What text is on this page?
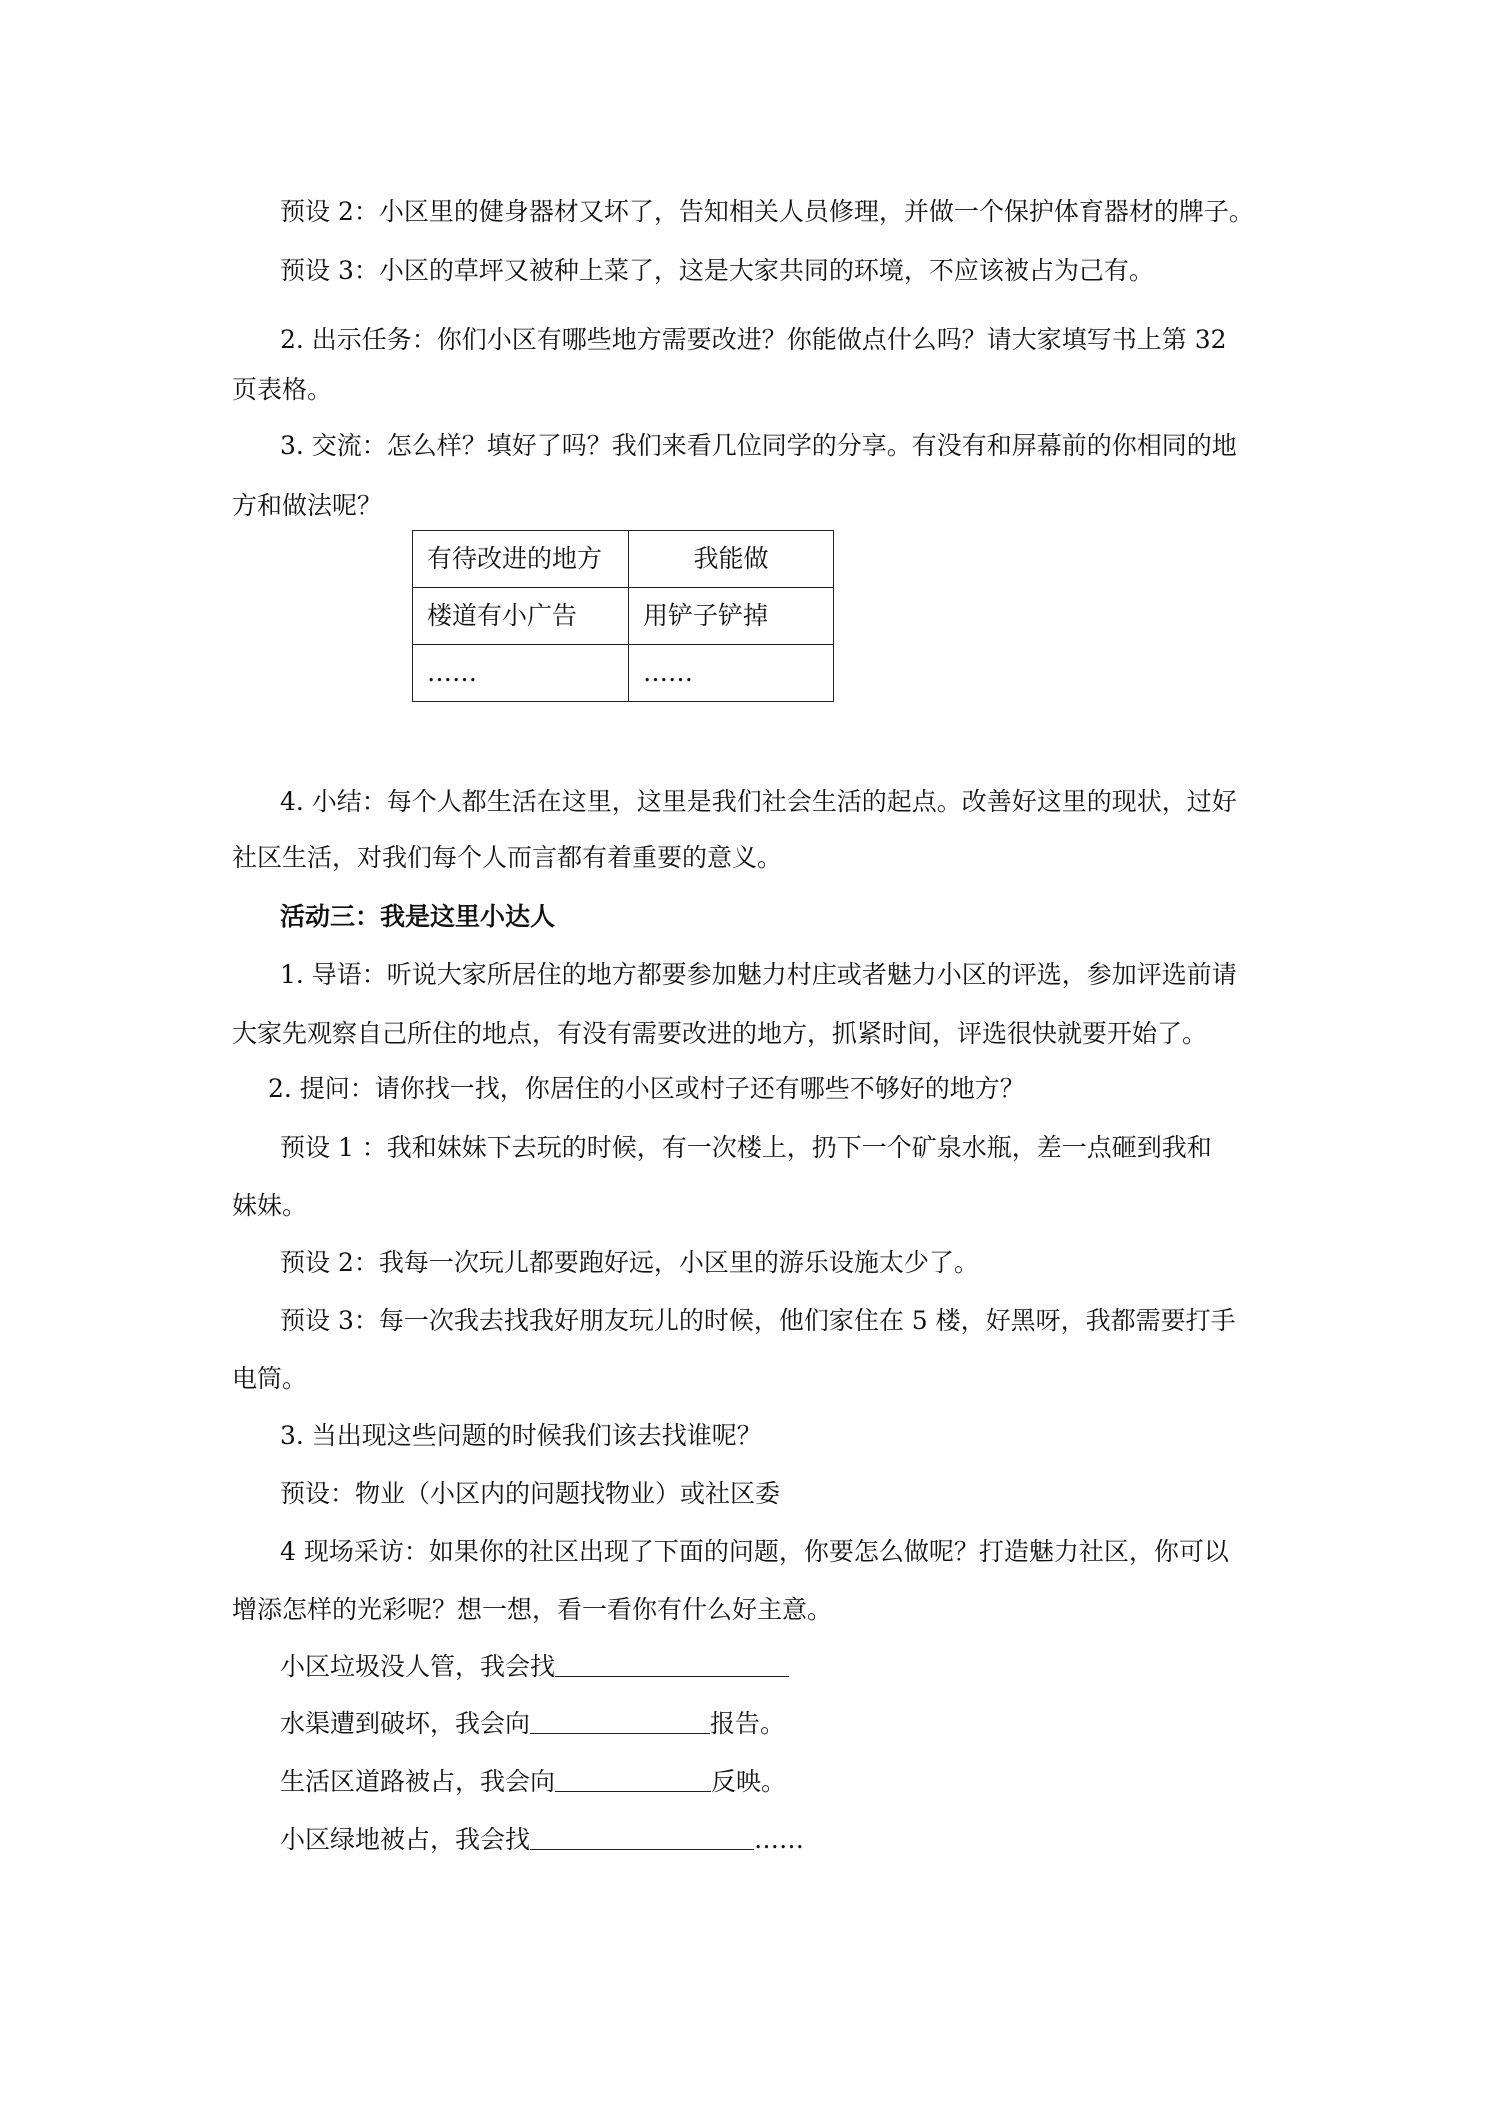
预设 2：小区里的健身器材又坏了，告知相关人员修理，并做一个保护体育器材的牌子。
预设 3：小区的草坪又被种上菜了，这是大家共同的环境，不应该被占为己有。
2. 出示任务：你们小区有哪些地方需要改进？你能做点什么吗？请大家填写书上第 32
页表格。
3. 交流：怎么样？填好了吗？我们来看几位同学的分享。有没有和屏幕前的你相同的地
方和做法呢？
有待改进的地方	我能做
楼道有小广告	用铲子铲掉
……	……
4. 小结：每个人都生活在这里，这里是我们社会生活的起点。改善好这里的现状，过好
社区生活，对我们每个人而言都有着重要的意义。
活动三：我是这里小达人
1. 导语：听说大家所居住的地方都要参加魅力村庄或者魅力小区的评选，参加评选前请
大家先观察自己所住的地点，有没有需要改进的地方，抓紧时间，评选很快就要开始了。
2. 提问：请你找一找，你居住的小区或村子还有哪些不够好的地方？
预设 1 ：我和妹妹下去玩的时候，有一次楼上，扔下一个矿泉水瓶，差一点砸到我和
妹妹。
预设 2：我每一次玩儿都要跑好远，小区里的游乐设施太少了。
预设 3：每一次我去找我好朋友玩儿的时候，他们家住在 5 楼，好黑呀，我都需要打手
电筒。
3. 当出现这些问题的时候我们该去找谁呢？
预设：物业（小区内的问题找物业）或社区委
4 现场采访：如果你的社区出现了下面的问题，你要怎么做呢？打造魅力社区，你可以
增添怎样的光彩呢？想一想，看一看你有什么好主意。
小区垃圾没人管，我会找
水渠遭到破坏，我会向	报告。
生活区道路被占，我会向	反映。
小区绿地被占，我会找	……
